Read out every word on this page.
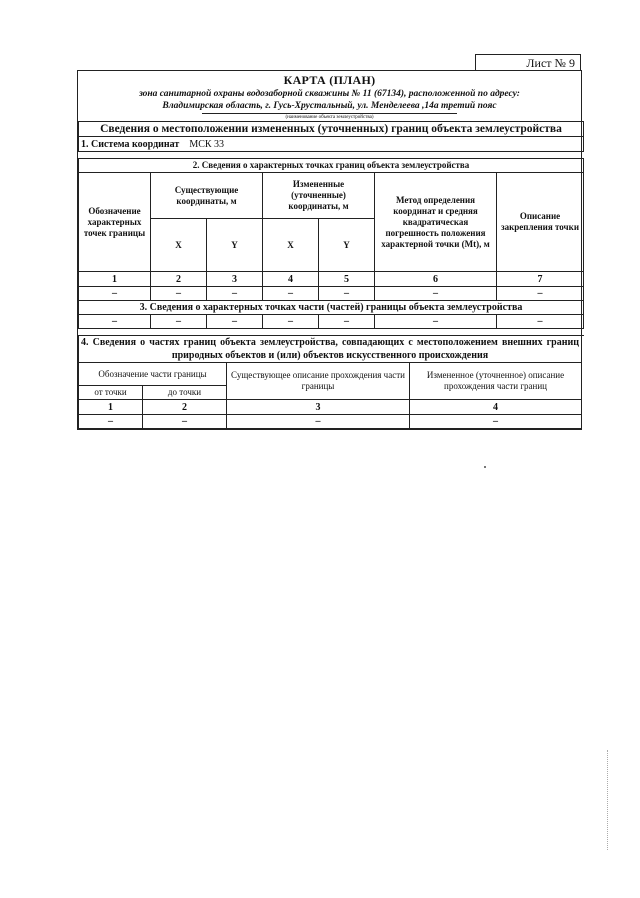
Лист № 9
КАРТА (ПЛАН)
зона санитарной охраны водозаборной скважины № 11 (67134), расположенной по адресу:
Владимирская область, г. Гусь-Хрустальный, ул. Менделеева ,14а третий пояс
(наименование объекта землеустройства)
Сведения о местоположении измененных (уточненных) границ объекта землеустройства						
1. Система координат МСК 33						

2. Сведения о характерных точках границ объекта землеустройства						
Обозначение характерных точек границы	Существующие координаты, м		Измененные (уточненные) координаты, м		Метод определения координат и средняя квадратическая погрешность положения характерной точки (Mt), м	Описание закрепления точки
	X	Y	X	Y		
1	2	3	4	5	6	7
–	–	–	–	–	–	–
3. Сведения о характерных точках части (частей) границы объекта землеустройства						
–	–	–	–	–	–	–

4. Сведения о частях границ объекта землеустройства, совпадающих с местоположением внешних границ природных объектов и (или) объектов искусственного происхождения			
Обозначение части границы		Существующее описание прохождения части границы	Измененное (уточненное) описание прохождения части границ
от точки	до точки		
1	2	3	4
–	–	–	–
